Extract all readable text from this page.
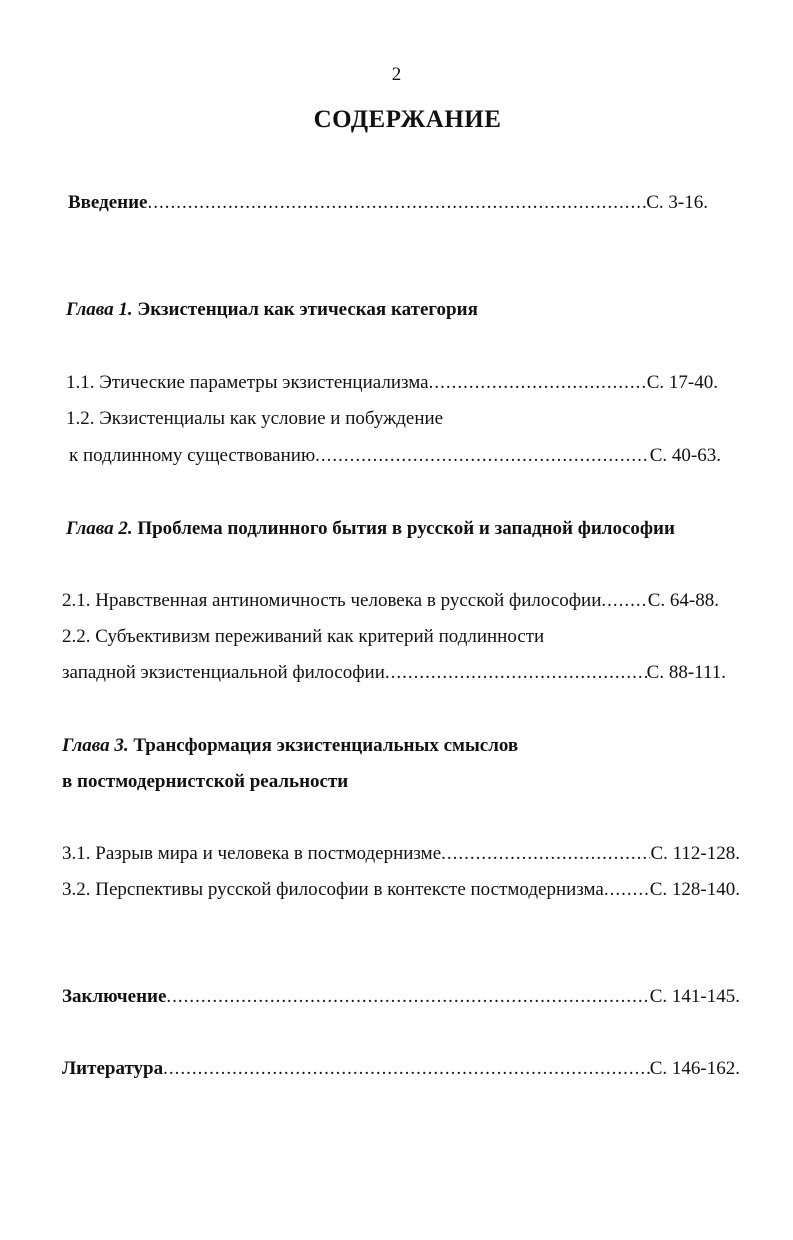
2
СОДЕРЖАНИЕ
Введение .....	С. 3-16.
Глава 1. Экзистенциал как этическая категория
1.1. Этические параметры экзистенциализма .....	С. 17-40.
1.2. Экзистенциалы как условие и побуждение
к подлинному существованию .....	С. 40-63.
Глава 2. Проблема подлинного бытия в русской и западной философии
2.1. Нравственная антиномичность человека в русской философии ..... С. 64-88.
2.2. Субъективизм переживаний как критерий подлинности
западной экзистенциальной философии .....	С. 88-111.
Глава 3. Трансформация экзистенциальных смыслов
в постмодернистской реальности
3.1. Разрыв мира и человека в постмодернизме .....	С. 112-128.
3.2. Перспективы русской философии в контексте постмодернизма ..... С. 128-140.
Заключение .....	С. 141-145.
Литература .....	С. 146-162.
